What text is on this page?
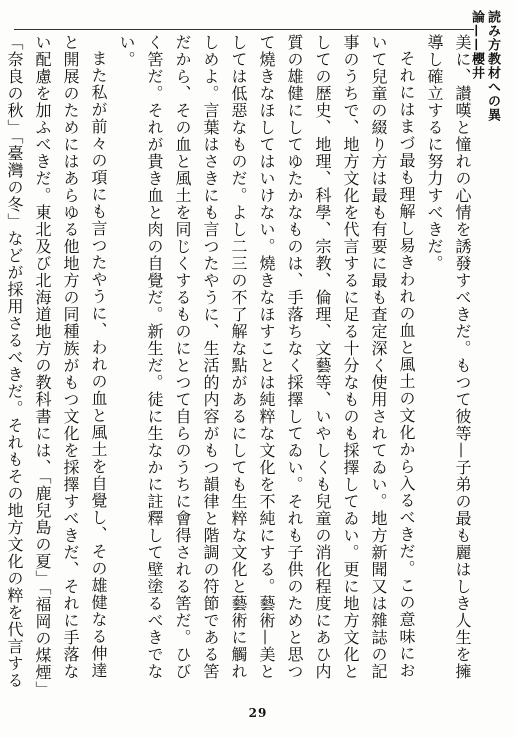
読み方教材への異論——櫻井

美に、讃嘆と憧れの心情を誘發すべきだ。もつて彼等—子弟の最も麗はしき人生を擁導し確立するに努力すべきだ。

それにはまづ最も理解し易きわれの血と風土の文化から入るべきだ。この意味において兒童の綴り方は最も有要に最も査定深く使用されてゐい。地方新聞又は雜誌の記事のうちで、地方文化を代言するに足る十分なものも採擇してゐい。更に地方文化としての歴史、地理、科學、宗教、倫理、文藝等、いやしくも兒童の消化程度にあひ内質の雄健にしてゆたかなものは、手落ちなく採擇してゐい。それも子供のためと思つて燒きなほしてはいけない。燒きなほすことは純粹な文化を不純にする。藝術—美としては低惡なものだ。よし二三の不了解な點があるにしても生粹な文化と藝術に觸れしめよ。言葉はさきにも言つたやうに、生活的内容がもつ韻律と階調の符節である筈だから、その血と風土を同じくするものにとつて自らのうちに會得される筈だ。ひびく筈だ。それが貴き血と肉の自覺だ。新生だ。徒に生なかに註釋して壁塗るべきでない。

また私が前々の項にも言つたやうに、われの血と風土を自覺し、その雄健なる伸達と開展のためにはあらゆる他地方の同種族がもつ文化を採擇すべきだ、それに手落ない配慮を加ふべきだ。東北及び北海道地方の教科書には、「鹿兒島の夏」「福岡の煤煙」「奈良の秋」「臺灣の冬」などが採用さるべきだ。それもその地方文化の粹を代言する

29
